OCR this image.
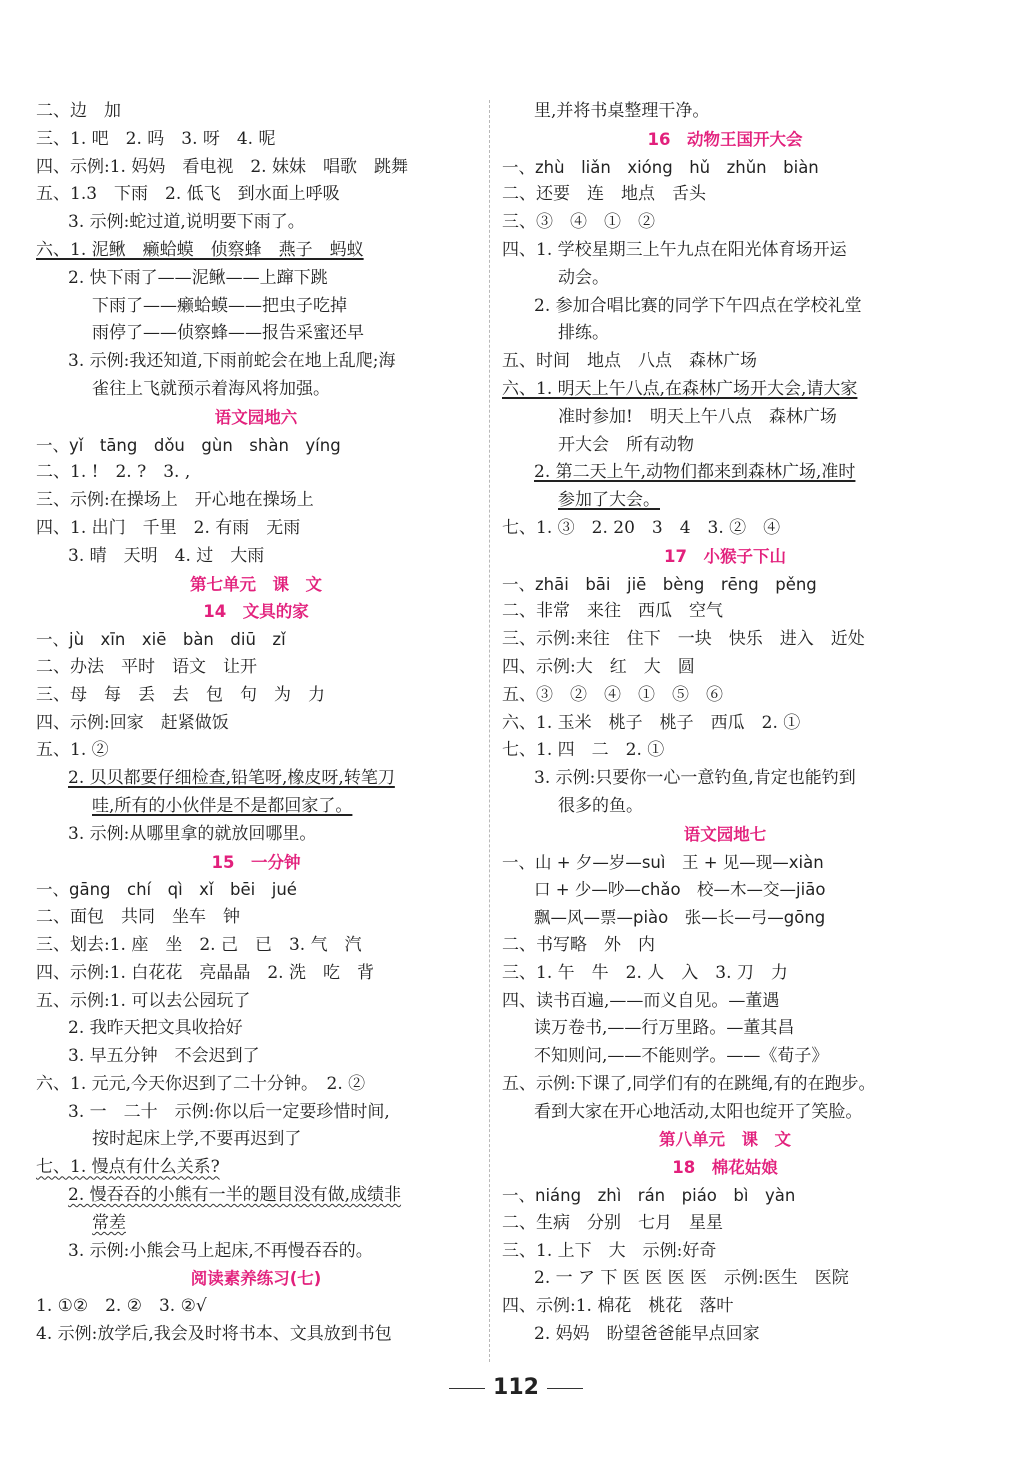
二、边　加
三、1. 吧　2. 吗　3. 呀　4. 呢
四、示例:1. 妈妈　看电视　2. 妹妹　唱歌　跳舞
五、1.3　下雨　2. 低飞　到水面上呼吸
3. 示例:蛇过道,说明要下雨了。
六、1. 泥鳅　癞蛤蟆　侦察蜂　燕子　蚂蚁
2. 快下雨了——泥鳅——上蹿下跳
下雨了——癞蛤蟆——把虫子吃掉
雨停了——侦察蜂——报告采蜜还早
3. 示例:我还知道,下雨前蛇会在地上乱爬;海
雀往上飞就预示着海风将加强。
语文园地六
一、yǐ　tāng　dǒu　gùn　shàn　yíng
二、1. !　2. ?　3. ,
三、示例:在操场上　开心地在操场上
四、1. 出门　千里　2. 有雨　无雨
3. 晴　天明　4. 过　大雨
第七单元　课　文
14　文具的家
一、jù　xīn　xiē　bàn　diū　zǐ
二、办法　平时　语文　让开
三、母　每　丢　去　包　句　为　力
四、示例:回家　赶紧做饭
五、1. ②
2. 贝贝都要仔细检查,铅笔呀,橡皮呀,转笔刀
哇,所有的小伙伴是不是都回家了。
3. 示例:从哪里拿的就放回哪里。
15　一分钟
一、gāng　chí　qì　xǐ　bēi　jué
二、面包　共同　坐车　钟
三、划去:1. 座　坐　2. 己　已　3. 气　汽
四、示例:1. 白花花　亮晶晶　2. 洗　吃　背
五、示例:1. 可以去公园玩了
2. 我昨天把文具收拾好
3. 早五分钟　不会迟到了
六、1. 元元,今天你迟到了二十分钟。　2. ②
3. 一　二十　示例:你以后一定要珍惜时间,
按时起床上学,不要再迟到了
七、1. 慢点有什么关系?
2. 慢吞吞的小熊有一半的题目没有做,成绩非
常差
3. 示例:小熊会马上起床,不再慢吞吞的。
阅读素养练习(七)
1. ①②　2. ②　3. ②√
4. 示例:放学后,我会及时将书本、文具放到书包
里,并将书桌整理干净。
16　动物王国开大会
一、zhù　liǎn　xióng　hǔ　zhǔn　biàn
二、还要　连　地点　舌头
三、③　④　①　②
四、1. 学校星期三上午九点在阳光体育场开运
动会。
2. 参加合唱比赛的同学下午四点在学校礼堂
排练。
五、时间　地点　八点　森林广场
六、1. 明天上午八点,在森林广场开大会,请大家
准时参加!　明天上午八点　森林广场
开大会　所有动物
2. 第二天上午,动物们都来到森林广场,准时
参加了大会。
七、1. ③　2. 20　3　4　3. ②　④
17　小猴子下山
一、zhāi　bāi　jiē　bèng　rēng　pěng
二、非常　来往　西瓜　空气
三、示例:来往　住下　一块　快乐　进入　近处
四、示例:大　红　大　圆
五、③　②　④　①　⑤　⑥
六、1. 玉米　桃子　桃子　西瓜　2. ①
七、1. 四　二　2. ①
3. 示例:只要你一心一意钓鱼,肯定也能钓到
很多的鱼。
语文园地七
一、山 + 夕—岁—suì　王 + 见—现—xiàn
口 + 少—吵—chǎo　校—木—交—jiāo
飘—风—票—piào　张—长—弓—gōng
二、书写略　外　内
三、1. 午　牛　2. 人　入　3. 刀　力
四、读书百遍,——而义自见。—董遇
读万卷书,——行万里路。—董其昌
不知则问,——不能则学。——《荀子》
五、示例:下课了,同学们有的在跳绳,有的在跑步。
看到大家在开心地活动,太阳也绽开了笑脸。
第八单元　课　文
18　棉花姑娘
一、niáng　zhì　rán　piáo　bì　yàn
二、生病　分别　七月　星星
三、1. 上下　大　示例:好奇
2. 一 ア 下 医 医 医 医　示例:医生　医院
四、示例:1. 棉花　桃花　落叶
2. 妈妈　盼望爸爸能早点回家
112
